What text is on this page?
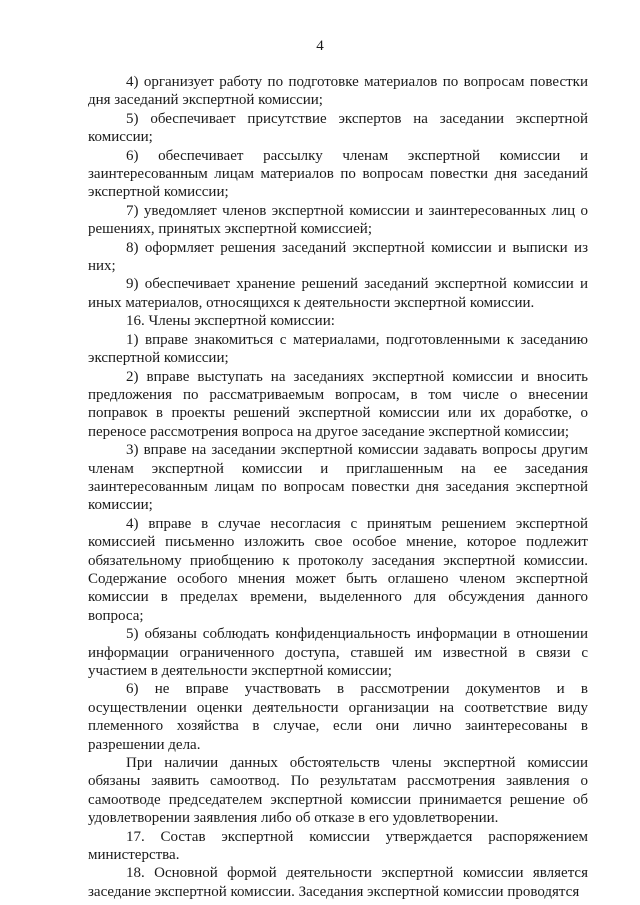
4

4) организует работу по подготовке материалов по вопросам повестки дня заседаний экспертной комиссии;

5) обеспечивает присутствие экспертов на заседании экспертной комиссии;

6) обеспечивает рассылку членам экспертной комиссии и заинтересованным лицам материалов по вопросам повестки дня заседаний экспертной комиссии;

7) уведомляет членов экспертной комиссии и заинтересованных лиц о решениях, принятых экспертной комиссией;

8) оформляет решения заседаний экспертной комиссии и выписки из них;

9) обеспечивает хранение решений заседаний экспертной комиссии и иных материалов, относящихся к деятельности экспертной комиссии.

16. Члены экспертной комиссии:

1) вправе знакомиться с материалами, подготовленными к заседанию экспертной комиссии;

2) вправе выступать на заседаниях экспертной комиссии и вносить предложения по рассматриваемым вопросам, в том числе о внесении поправок в проекты решений экспертной комиссии или их доработке, о переносе рассмотрения вопроса на другое заседание экспертной комиссии;

3) вправе на заседании экспертной комиссии задавать вопросы другим членам экспертной комиссии и приглашенным на ее заседания заинтересованным лицам по вопросам повестки дня заседания экспертной комиссии;

4) вправе в случае несогласия с принятым решением экспертной комиссией письменно изложить свое особое мнение, которое подлежит обязательному приобщению к протоколу заседания экспертной комиссии. Содержание особого мнения может быть оглашено членом экспертной комиссии в пределах времени, выделенного для обсуждения данного вопроса;

5) обязаны соблюдать конфиденциальность информации в отношении информации ограниченного доступа, ставшей им известной в связи с участием в деятельности экспертной комиссии;

6) не вправе участвовать в рассмотрении документов и в осуществлении оценки деятельности организации на соответствие виду племенного хозяйства в случае, если они лично заинтересованы в разрешении дела.

При наличии данных обстоятельств члены экспертной комиссии обязаны заявить самоотвод. По результатам рассмотрения заявления о самоотводе председателем экспертной комиссии принимается решение об удовлетворении заявления либо об отказе в его удовлетворении.

17. Состав экспертной комиссии утверждается распоряжением министерства.

18. Основной формой деятельности экспертной комиссии является заседание экспертной комиссии. Заседания экспертной комиссии проводятся
